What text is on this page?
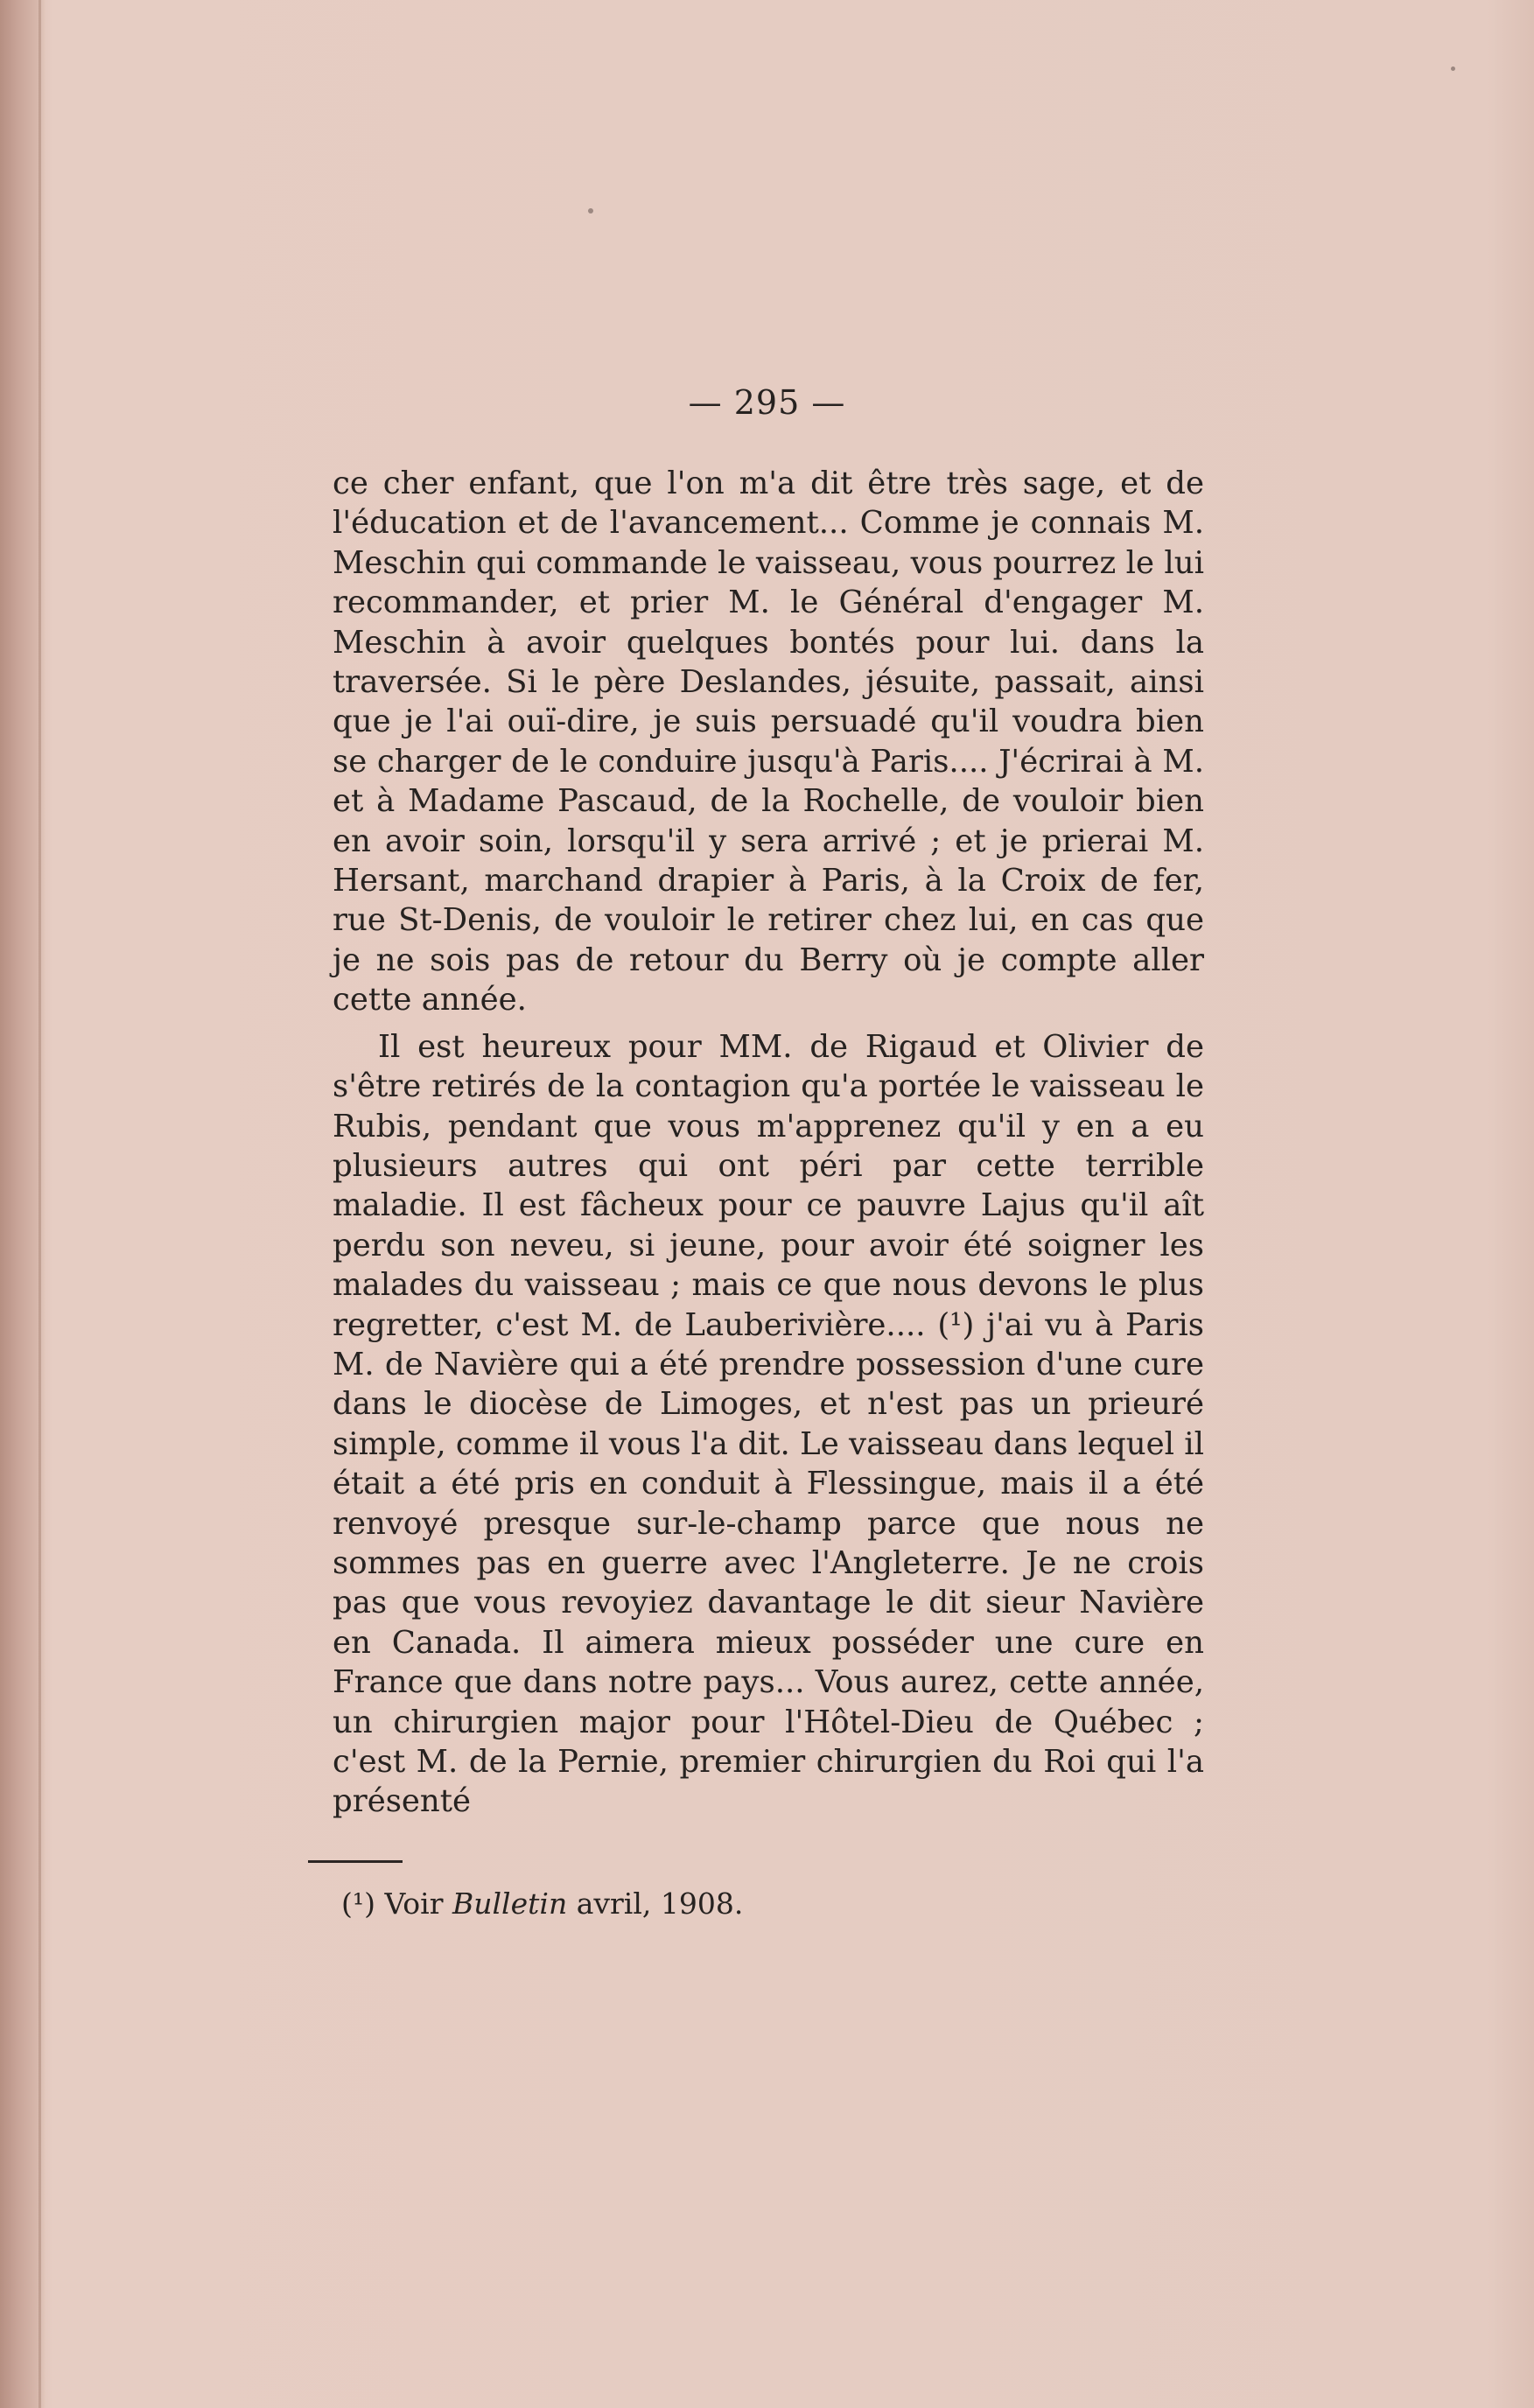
— 295 —

ce cher enfant, que l'on m'a dit être très sage, et de l'éducation et de l'avancement... Comme je connais M. Meschin qui commande le vaisseau, vous pourrez le lui recommander, et prier M. le Général d'engager M. Meschin à avoir quelques bontés pour lui. dans la traversée. Si le père Deslandes, jésuite, passait, ainsi que je l'ai ouï-dire, je suis persuadé qu'il voudra bien se charger de le conduire jusqu'à Paris.... J'écrirai à M. et à Madame Pascaud, de la Rochelle, de vouloir bien en avoir soin, lorsqu'il y sera arrivé ; et je prierai M. Hersant, marchand drapier à Paris, à la Croix de fer, rue St-Denis, de vouloir le retirer chez lui, en cas que je ne sois pas de retour du Berry où je compte aller cette année.

Il est heureux pour MM. de Rigaud et Olivier de s'être retirés de la contagion qu'a portée le vaisseau le Rubis, pendant que vous m'apprenez qu'il y en a eu plusieurs autres qui ont péri par cette terrible maladie. Il est fâcheux pour ce pauvre Lajus qu'il aît perdu son neveu, si jeune, pour avoir été soigner les malades du vaisseau ; mais ce que nous devons le plus regretter, c'est M. de Lauberivière.... (¹) j'ai vu à Paris M. de Navière qui a été prendre possession d'une cure dans le diocèse de Limoges, et n'est pas un prieuré simple, comme il vous l'a dit. Le vaisseau dans lequel il était a été pris en conduit à Flessingue, mais il a été renvoyé presque sur-le-champ parce que nous ne sommes pas en guerre avec l'Angleterre. Je ne crois pas que vous revoyiez davantage le dit sieur Navière en Canada. Il aimera mieux posséder une cure en France que dans notre pays... Vous aurez, cette année, un chirurgien major pour l'Hôtel-Dieu de Québec ; c'est M. de la Pernie, premier chirurgien du Roi qui l'a présenté

(¹) Voir Bulletin avril, 1908.
